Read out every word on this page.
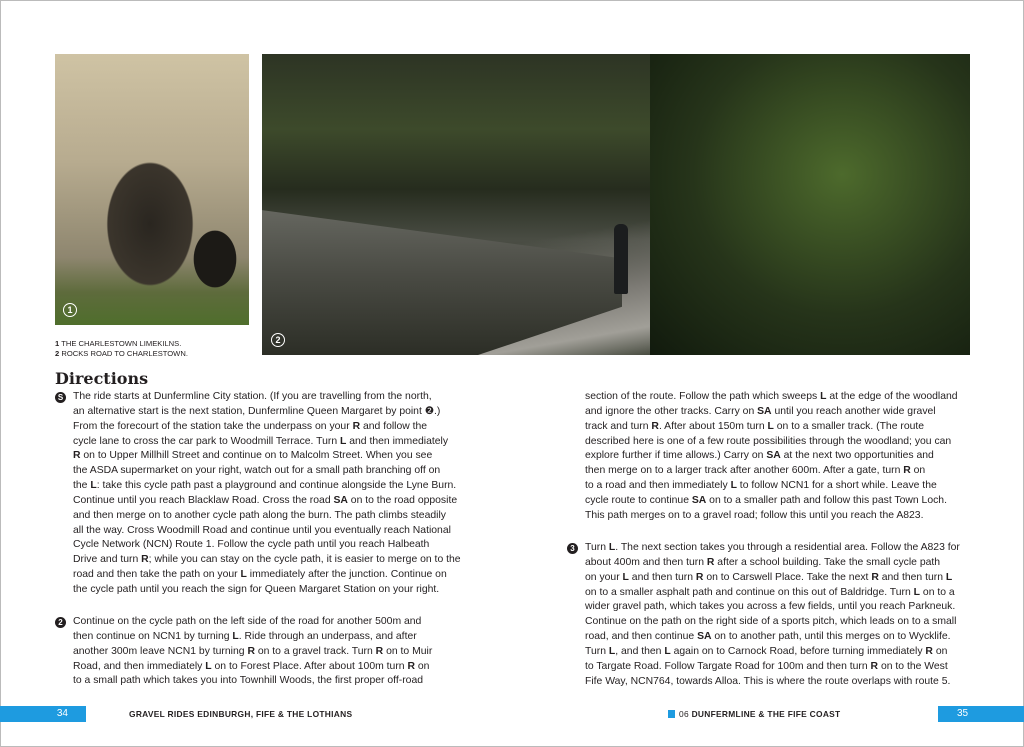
1
2
1 THE CHARLESTOWN LIMEKILNS.
2 ROCKS ROAD TO CHARLESTOWN.
Directions
S The ride starts at Dunfermline City station. (If you are travelling from the north,
an alternative start is the next station, Dunfermline Queen Margaret by point ❷.)
From the forecourt of the station take the underpass on your R and follow the
cycle lane to cross the car park to Woodmill Terrace. Turn L and then immediately
R on to Upper Millhill Street and continue on to Malcolm Street. When you see
the ASDA supermarket on your right, watch out for a small path branching off on
the L: take this cycle path past a playground and continue alongside the Lyne Burn.
Continue until you reach Blacklaw Road. Cross the road SA on to the road opposite
and then merge on to another cycle path along the burn. The path climbs steadily
all the way. Cross Woodmill Road and continue until you eventually reach National
Cycle Network (NCN) Route 1. Follow the cycle path until you reach Halbeath
Drive and turn R; while you can stay on the cycle path, it is easier to merge on to the
road and then take the path on your L immediately after the junction. Continue on
the cycle path until you reach the sign for Queen Margaret Station on your right.
2 Continue on the cycle path on the left side of the road for another 500m and
then continue on NCN1 by turning L. Ride through an underpass, and after
another 300m leave NCN1 by turning R on to a gravel track. Turn R on to Muir
Road, and then immediately L on to Forest Place. After about 100m turn R on
to a small path which takes you into Townhill Woods, the first proper off-road
section of the route. Follow the path which sweeps L at the edge of the woodland
and ignore the other tracks. Carry on SA until you reach another wide gravel
track and turn R. After about 150m turn L on to a smaller track. (The route
described here is one of a few route possibilities through the woodland; you can
explore further if time allows.) Carry on SA at the next two opportunities and
then merge on to a larger track after another 600m. After a gate, turn R on
to a road and then immediately L to follow NCN1 for a short while. Leave the
cycle route to continue SA on to a smaller path and follow this past Town Loch.
This path merges on to a gravel road; follow this until you reach the A823.
3 Turn L. The next section takes you through a residential area. Follow the A823 for
about 400m and then turn R after a school building. Take the small cycle path
on your L and then turn R on to Carswell Place. Take the next R and then turn L
on to a smaller asphalt path and continue on this out of Baldridge. Turn L on to a
wider gravel path, which takes you across a few fields, until you reach Parkneuk.
Continue on the path on the right side of a sports pitch, which leads on to a small
road, and then continue SA on to another path, until this merges on to Wycklife.
Turn L, and then L again on to Carnock Road, before turning immediately R on
to Targate Road. Follow Targate Road for 100m and then turn R on to the West
Fife Way, NCN764, towards Alloa. This is where the route overlaps with route 5.
34	GRAVEL RIDES EDINBURGH, FIFE & THE LOTHIANS	06 DUNFERMLINE & THE FIFE COAST	35
